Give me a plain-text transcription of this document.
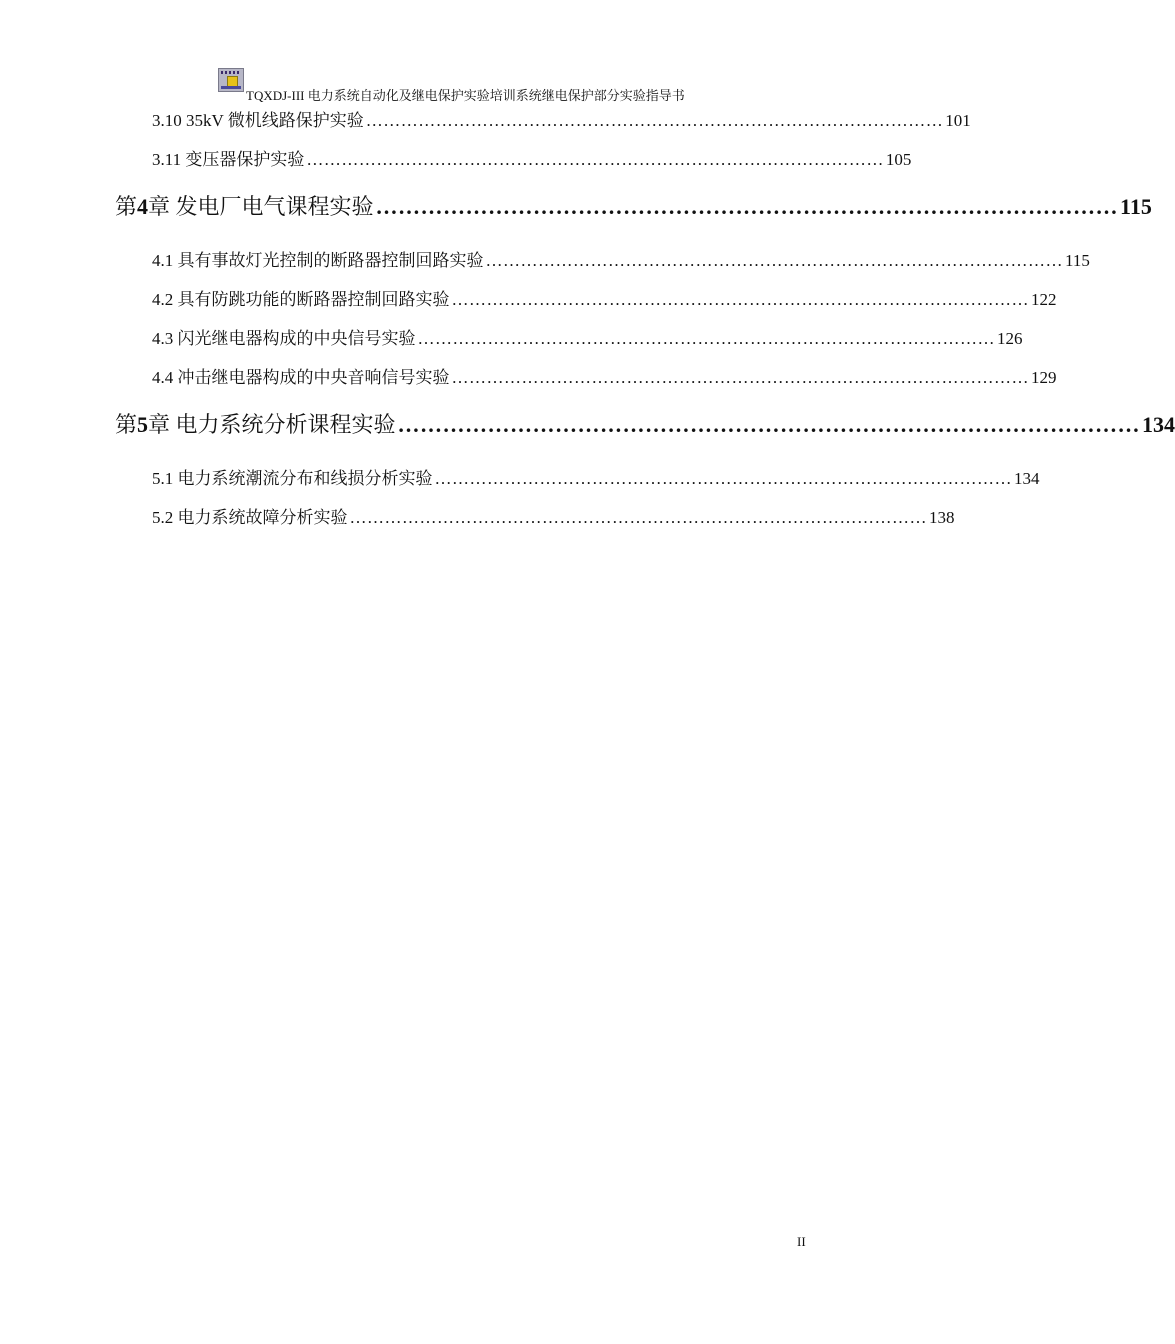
TQXDJ-III 电力系统自动化及继电保护实验培训系统继电保护部分实验指导书
3.10 35kV 微机线路保护实验 ……………………………………………………………………………………… 101
3.11 变压器保护实验 ……………………………………………………………………………………… 105
第 4 章 发电厂电气课程实验 ……………………………………………………………………………………… 115
4.1 具有事故灯光控制的断路器控制回路实验 ……………………………………………………………………………………… 115
4.2 具有防跳功能的断路器控制回路实验 ……………………………………………………………………………………… 122
4.3 闪光继电器构成的中央信号实验 ……………………………………………………………………………………… 126
4.4 冲击继电器构成的中央音响信号实验 ……………………………………………………………………………………… 129
第 5 章 电力系统分析课程实验 ……………………………………………………………………………………… 134
5.1 电力系统潮流分布和线损分析实验 ……………………………………………………………………………………… 134
5.2 电力系统故障分析实验 ……………………………………………………………………………………… 138
II
